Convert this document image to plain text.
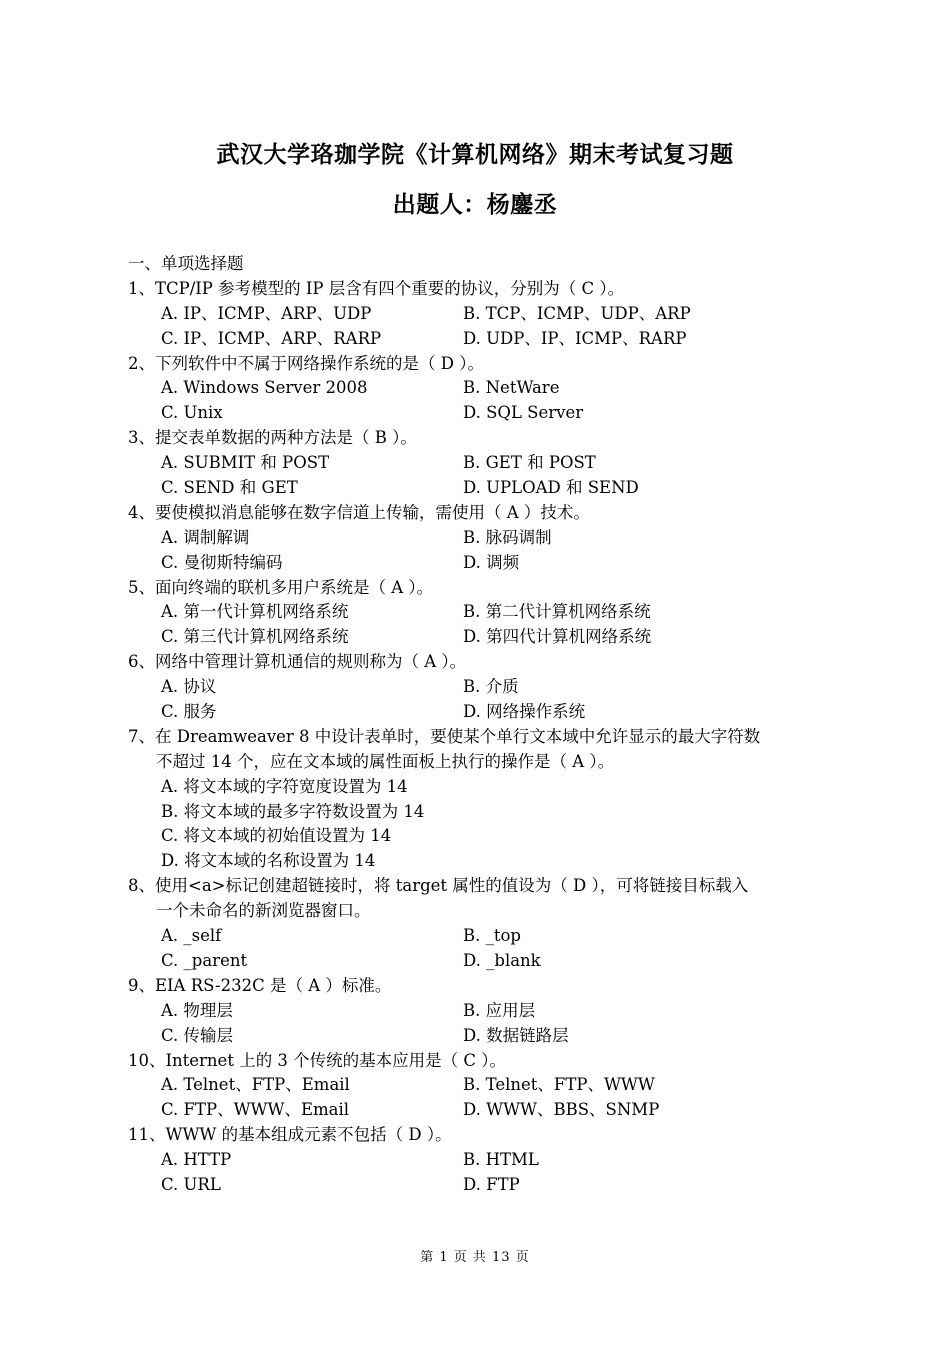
武汉大学珞珈学院《计算机网络》期末考试复习题
出题人：杨鏖丞
一、单项选择题
1、TCP/IP 参考模型的 IP 层含有四个重要的协议，分别为（ C ）。
A. IP、ICMP、ARP、UDP	B. TCP、ICMP、UDP、ARP
C. IP、ICMP、ARP、RARP	D. UDP、IP、ICMP、RARP
2、下列软件中不属于网络操作系统的是（ D ）。
A. Windows Server 2008	B. NetWare
C. Unix	D. SQL Server
3、提交表单数据的两种方法是（ B ）。
A. SUBMIT 和 POST	B. GET 和 POST
C. SEND 和 GET	D. UPLOAD 和 SEND
4、要使模拟消息能够在数字信道上传输，需使用（ A ）技术。
A. 调制解调	B. 脉码调制
C. 曼彻斯特编码	D. 调频
5、面向终端的联机多用户系统是（ A ）。
A. 第一代计算机网络系统	B. 第二代计算机网络系统
C. 第三代计算机网络系统	D. 第四代计算机网络系统
6、网络中管理计算机通信的规则称为（ A ）。
A. 协议	B. 介质
C. 服务	D. 网络操作系统
7、在 Dreamweaver 8 中设计表单时，要使某个单行文本域中允许显示的最大字符数
不超过 14 个，应在文本域的属性面板上执行的操作是（ A ）。
A. 将文本域的字符宽度设置为 14
B. 将文本域的最多字符数设置为 14
C. 将文本域的初始值设置为 14
D. 将文本域的名称设置为 14
8、使用<a>标记创建超链接时，将 target 属性的值设为（ D ），可将链接目标载入
一个未命名的新浏览器窗口。
A. _self	B. _top
C. _parent	D. _blank
9、EIA RS-232C 是（ A ）标准。
A. 物理层	B. 应用层
C. 传输层	D. 数据链路层
10、Internet 上的 3 个传统的基本应用是（ C ）。
A. Telnet、FTP、Email	B. Telnet、FTP、WWW
C. FTP、WWW、Email	D. WWW、BBS、SNMP
11、WWW 的基本组成元素不包括（ D ）。
A. HTTP	B. HTML
C. URL	D. FTP
第 1 页 共 13 页
